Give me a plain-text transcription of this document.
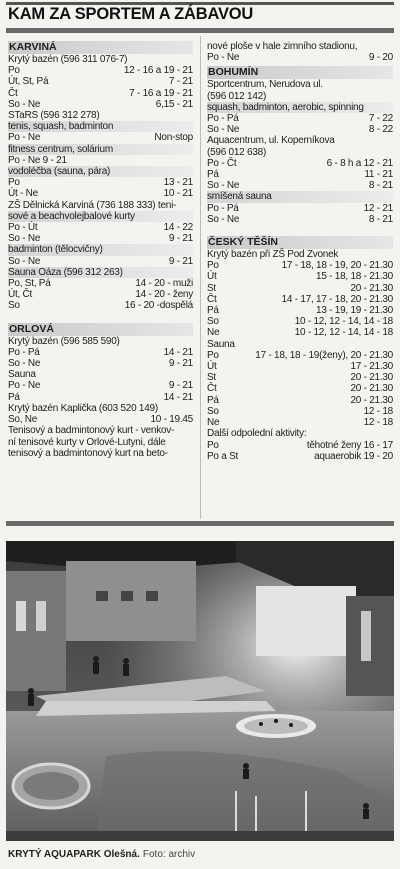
KAM ZA SPORTEM A ZÁBAVOU
KARVINÁ
Krytý bazén (596 311 076-7)
Po	12 - 16 a 19 - 21
Út, St, Pá	7 - 21
Čt	7 - 16 a 19 - 21
So - Ne	6,15 - 21
STaRS (596 312 278)
tenis, squash, badminton
Po - Ne	Non-stop
fitness centrum, solárium
Po - Ne 9 - 21
vodoléčba (sauna, pára)
Po	13 - 21
Út - Ne	10 - 21
ZŠ Dělnická Karviná (736 188 333) teni-
sové a beachvolejbalové kurty
Po - Út	14 - 22
So - Ne	9 - 21
badminton (tělocvičny)
So - Ne	9 - 21
Sauna Oáza (596 312 263)
Po, St, Pá	14 - 20 - muži
Út, Čt	14 - 20 - ženy
So	16 - 20 -dospělá
ORLOVÁ
Krytý bazén (596 585 590)
Po - Pá	14 - 21
So - Ne	9 - 21
Sauna
Po - Ne	9 - 21
Pá	14 - 21
Krytý bazén Kaplička (603 520 149)
So, Ne	10 - 19.45
Tenisový a badmintonový kurt - venkov-
ní tenisové kurty v Orlové-Lutyni, dále
tenisový a badmintonový kurt na beto-
nové ploše v hale zimního stadionu,
Po - Ne	9 - 20
BOHUMÍN
Sportcentrum, Nerudova ul.
(596 012 142)
squash, badminton, aerobic, spinning
Po - Pá	7 - 22
So - Ne	8 - 22
Aquacentrum, ul. Koperníkova
(596 012 638)
Po - Čt	6 - 8 h a 12 - 21
Pá	11 - 21
So - Ne	8 - 21
smíšená sauna
Po - Pá	12 - 21
So - Ne	8 - 21
ČESKÝ TĚŠÍN
Krytý bazén při ZŠ Pod Zvonek
Po	17 - 18, 18 - 19, 20 - 21.30
Út	15 - 18, 18 - 21.30
St	20 - 21.30
Čt	14 - 17, 17 - 18, 20 - 21.30
Pá	13 - 19, 19 - 21.30
So	10 - 12, 12 - 14, 14 - 18
Ne	10 - 12, 12 - 14, 14 - 18
Sauna
Po	17 - 18, 18 - 19(ženy), 20 - 21.30
Út	17 - 21.30
St	20 - 21.30
Čt	20 - 21.30
Pá	20 - 21.30
So	12 - 18
Ne	12 - 18
Další odpolední aktivity:
Po	těhotné ženy 16 - 17
Po a St	aquaerobik 19 - 20
KRYTÝ AQUAPARK Olešná. Foto: archiv
